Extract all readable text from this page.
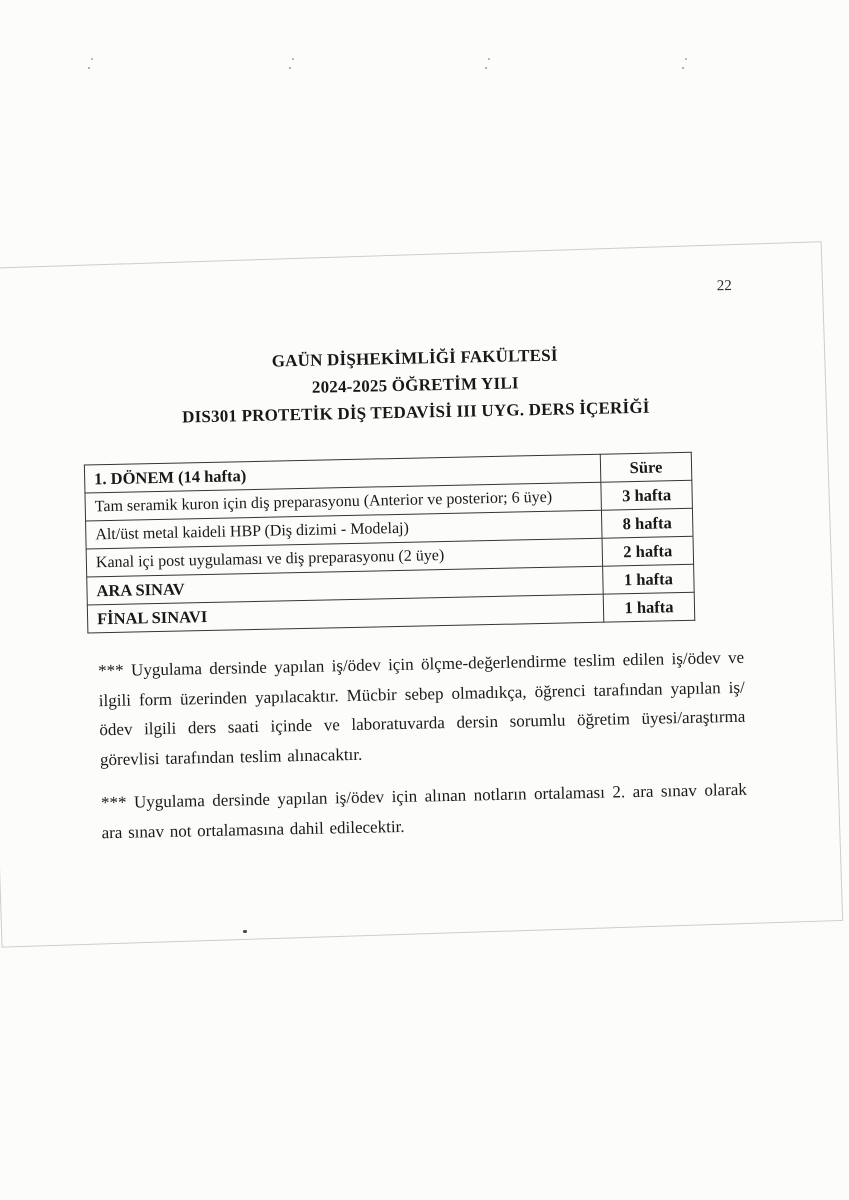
22
GAÜN DİŞHEKİMLİĞİ FAKÜLTESİ
2024-2025 ÖĞRETİM YILI
DIS301 PROTETİK DİŞ TEDAVİSİ III UYG. DERS İÇERİĞİ
1. DÖNEM (14 hafta)	Süre
Tam seramik kuron için diş preparasyonu (Anterior ve posterior; 6 üye)	3 hafta
Alt/üst metal kaideli HBP (Diş dizimi - Modelaj)	8 hafta
Kanal içi post uygulaması ve diş preparasyonu (2 üye)	2 hafta
ARA SINAV	1 hafta
FİNAL SINAVI	1 hafta

*** Uygulama dersinde yapılan iş/ödev için ölçme-değerlendirme teslim edilen iş/ödev ve ilgili form üzerinden yapılacaktır. Mücbir sebep olmadıkça, öğrenci tarafından yapılan iş/ödev ilgili ders saati içinde ve laboratuvarda dersin sorumlu öğretim üyesi/araştırma görevlisi tarafından teslim alınacaktır.

*** Uygulama dersinde yapılan iş/ödev için alınan notların ortalaması 2. ara sınav olarak ara sınav not ortalamasına dahil edilecektir.
